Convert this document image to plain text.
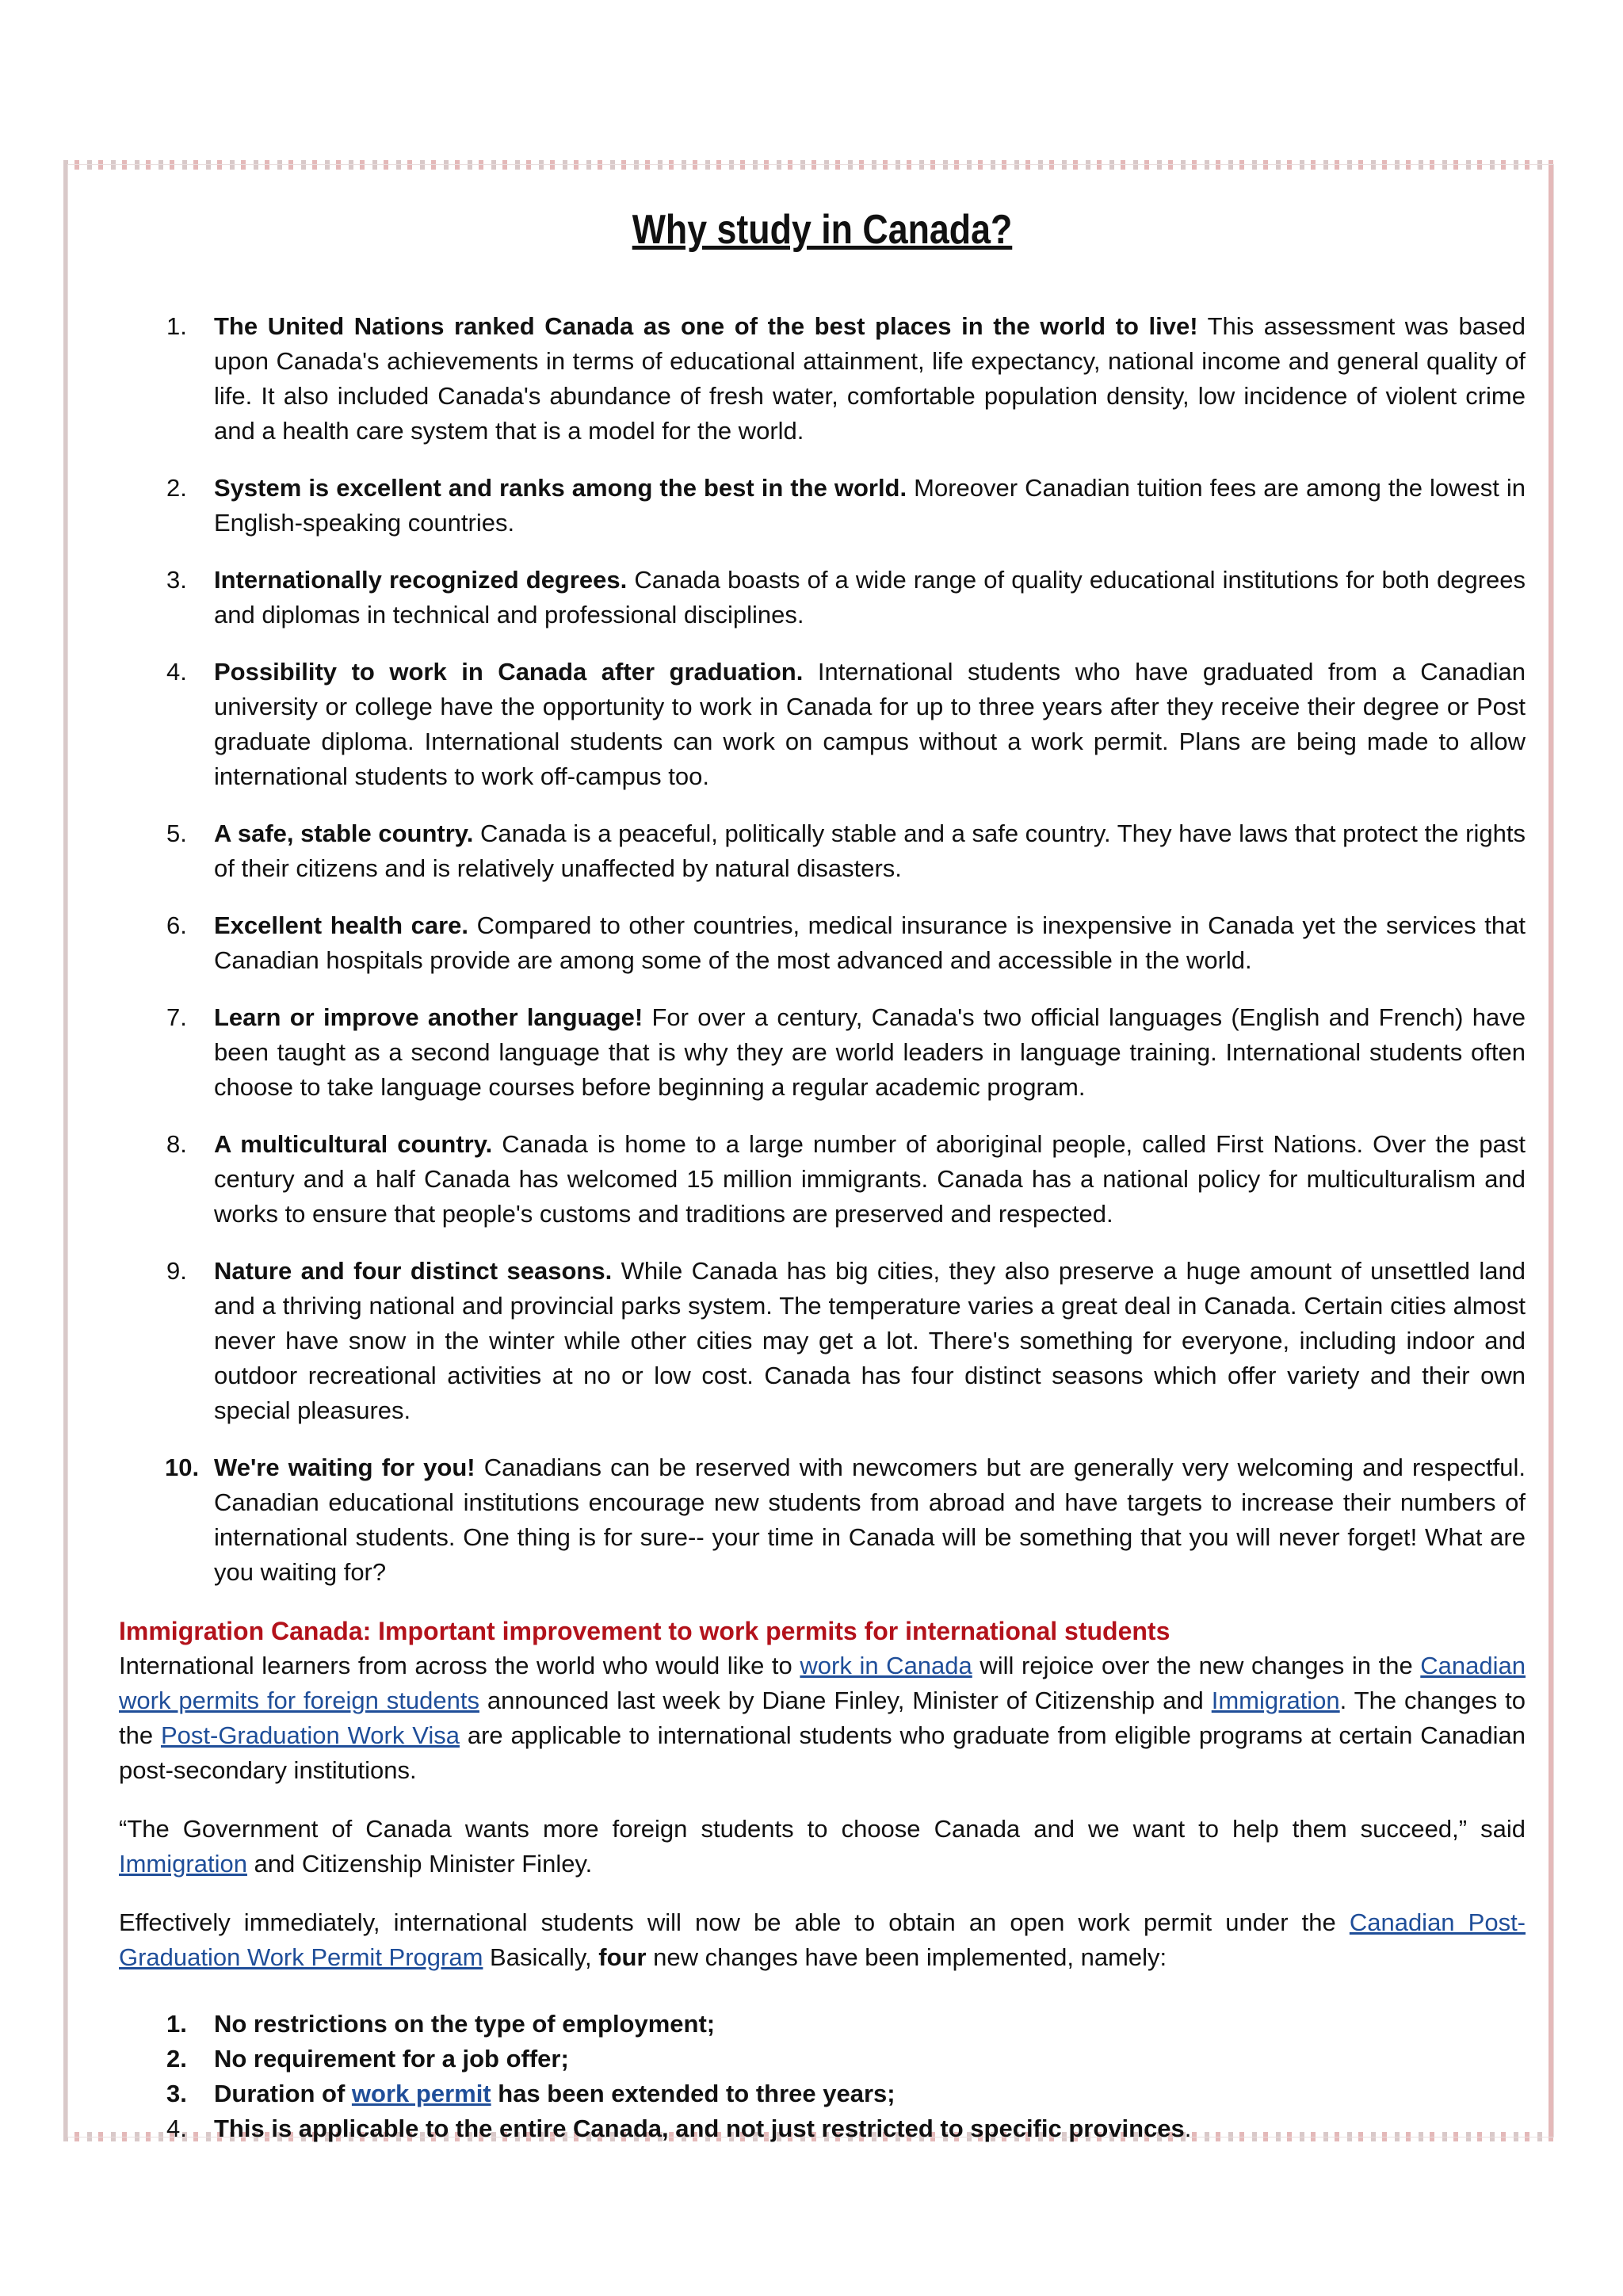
Why study in Canada?
1.	The United Nations ranked Canada as one of the best places in the world to live! This assessment was based upon Canada's achievements in terms of educational attainment, life expectancy, national income and general quality of life. It also included Canada's abundance of fresh water, comfortable population density, low incidence of violent crime and a health care system that is a model for the world.
2.	System is excellent and ranks among the best in the world. Moreover Canadian tuition fees are among the lowest in English-speaking countries.
3.	Internationally recognized degrees. Canada boasts of a wide range of quality educational institutions for both degrees and diplomas in technical and professional disciplines.
4.	Possibility to work in Canada after graduation. International students who have graduated from a Canadian university or college have the opportunity to work in Canada for up to three years after they receive their degree or Post graduate diploma. International students can work on campus without a work permit. Plans are being made to allow international students to work off-campus too.
5.	A safe, stable country. Canada is a peaceful, politically stable and a safe country. They have laws that protect the rights of their citizens and is relatively unaffected by natural disasters.
6.	Excellent health care. Compared to other countries, medical insurance is inexpensive in Canada yet the services that Canadian hospitals provide are among some of the most advanced and accessible in the world.
7.	Learn or improve another language! For over a century, Canada's two official languages (English and French) have been taught as a second language that is why they are world leaders in language training. International students often choose to take language courses before beginning a regular academic program.
8.	A multicultural country. Canada is home to a large number of aboriginal people, called First Nations. Over the past century and a half Canada has welcomed 15 million immigrants. Canada has a national policy for multiculturalism and works to ensure that people's customs and traditions are preserved and respected.
9.	Nature and four distinct seasons. While Canada has big cities, they also preserve a huge amount of unsettled land and a thriving national and provincial parks system. The temperature varies a great deal in Canada. Certain cities almost never have snow in the winter while other cities may get a lot. There's something for everyone, including indoor and outdoor recreational activities at no or low cost. Canada has four distinct seasons which offer variety and their own special pleasures.
10. We're waiting for you! Canadians can be reserved with newcomers but are generally very welcoming and respectful. Canadian educational institutions encourage new students from abroad and have targets to increase their numbers of international students. One thing is for sure-- your time in Canada will be something that you will never forget! What are you waiting for?
Immigration Canada: Important improvement to work permits for international students

International learners from across the world who would like to work in Canada will rejoice over the new changes in the Canadian work permits for foreign students announced last week by Diane Finley, Minister of Citizenship and Immigration. The changes to the Post-Graduation Work Visa are applicable to international students who graduate from eligible programs at certain Canadian post-secondary institutions.

“The Government of Canada wants more foreign students to choose Canada and we want to help them succeed,” said Immigration and Citizenship Minister Finley.

Effectively immediately, international students will now be able to obtain an open work permit under the Canadian Post-Graduation Work Permit Program Basically, four new changes have been implemented, namely:

1.	No restrictions on the type of employment;
2.	No requirement for a job offer;
3.	Duration of work permit has been extended to three years;
4.	This is applicable to the entire Canada, and not just restricted to specific provinces.
